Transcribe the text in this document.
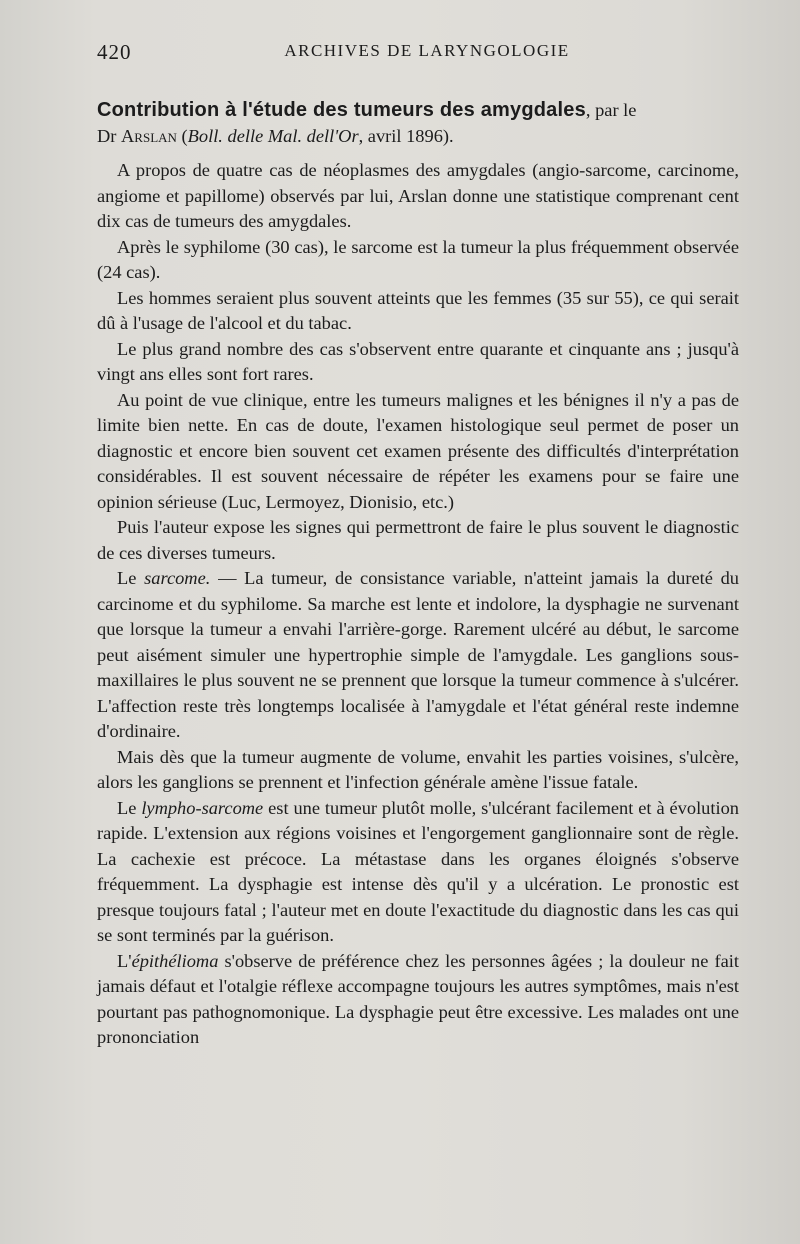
420	ARCHIVES DE LARYNGOLOGIE
Contribution à l'étude des tumeurs des amygdales, par le
Dr Arslan (Boll. delle Mal. dell'Or, avril 1896).

A propos de quatre cas de néoplasmes des amygdales (angio-sarcome, carcinome, angiome et papillome) observés par lui, Arslan donne une statistique comprenant cent dix cas de tumeurs des amygdales.

Après le syphilome (30 cas), le sarcome est la tumeur la plus fréquemment observée (24 cas).

Les hommes seraient plus souvent atteints que les femmes (35 sur 55), ce qui serait dû à l'usage de l'alcool et du tabac.

Le plus grand nombre des cas s'observent entre quarante et cinquante ans ; jusqu'à vingt ans elles sont fort rares.

Au point de vue clinique, entre les tumeurs malignes et les bénignes il n'y a pas de limite bien nette. En cas de doute, l'examen histologique seul permet de poser un diagnostic et encore bien souvent cet examen présente des difficultés d'interprétation considérables. Il est souvent nécessaire de répéter les examens pour se faire une opinion sérieuse (Luc, Lermoyez, Dionisio, etc.)

Puis l'auteur expose les signes qui permettront de faire le plus souvent le diagnostic de ces diverses tumeurs.

Le sarcome. — La tumeur, de consistance variable, n'atteint jamais la dureté du carcinome et du syphilome. Sa marche est lente et indolore, la dysphagie ne survenant que lorsque la tumeur a envahi l'arrière-gorge. Rarement ulcéré au début, le sarcome peut aisément simuler une hypertrophie simple de l'amygdale. Les ganglions sous-maxillaires le plus souvent ne se prennent que lorsque la tumeur commence à s'ulcérer. L'affection reste très longtemps localisée à l'amygdale et l'état général reste indemne d'ordinaire.

Mais dès que la tumeur augmente de volume, envahit les parties voisines, s'ulcère, alors les ganglions se prennent et l'infection générale amène l'issue fatale.

Le lympho-sarcome est une tumeur plutôt molle, s'ulcérant facilement et à évolution rapide. L'extension aux régions voisines et l'engorgement ganglionnaire sont de règle. La cachexie est précoce. La métastase dans les organes éloignés s'observe fréquemment. La dysphagie est intense dès qu'il y a ulcération. Le pronostic est presque toujours fatal ; l'auteur met en doute l'exactitude du diagnostic dans les cas qui se sont terminés par la guérison.

L'épithélioma s'observe de préférence chez les personnes âgées ; la douleur ne fait jamais défaut et l'otalgie réflexe accompagne toujours les autres symptômes, mais n'est pourtant pas pathognomonique. La dysphagie peut être excessive. Les malades ont une prononciation
